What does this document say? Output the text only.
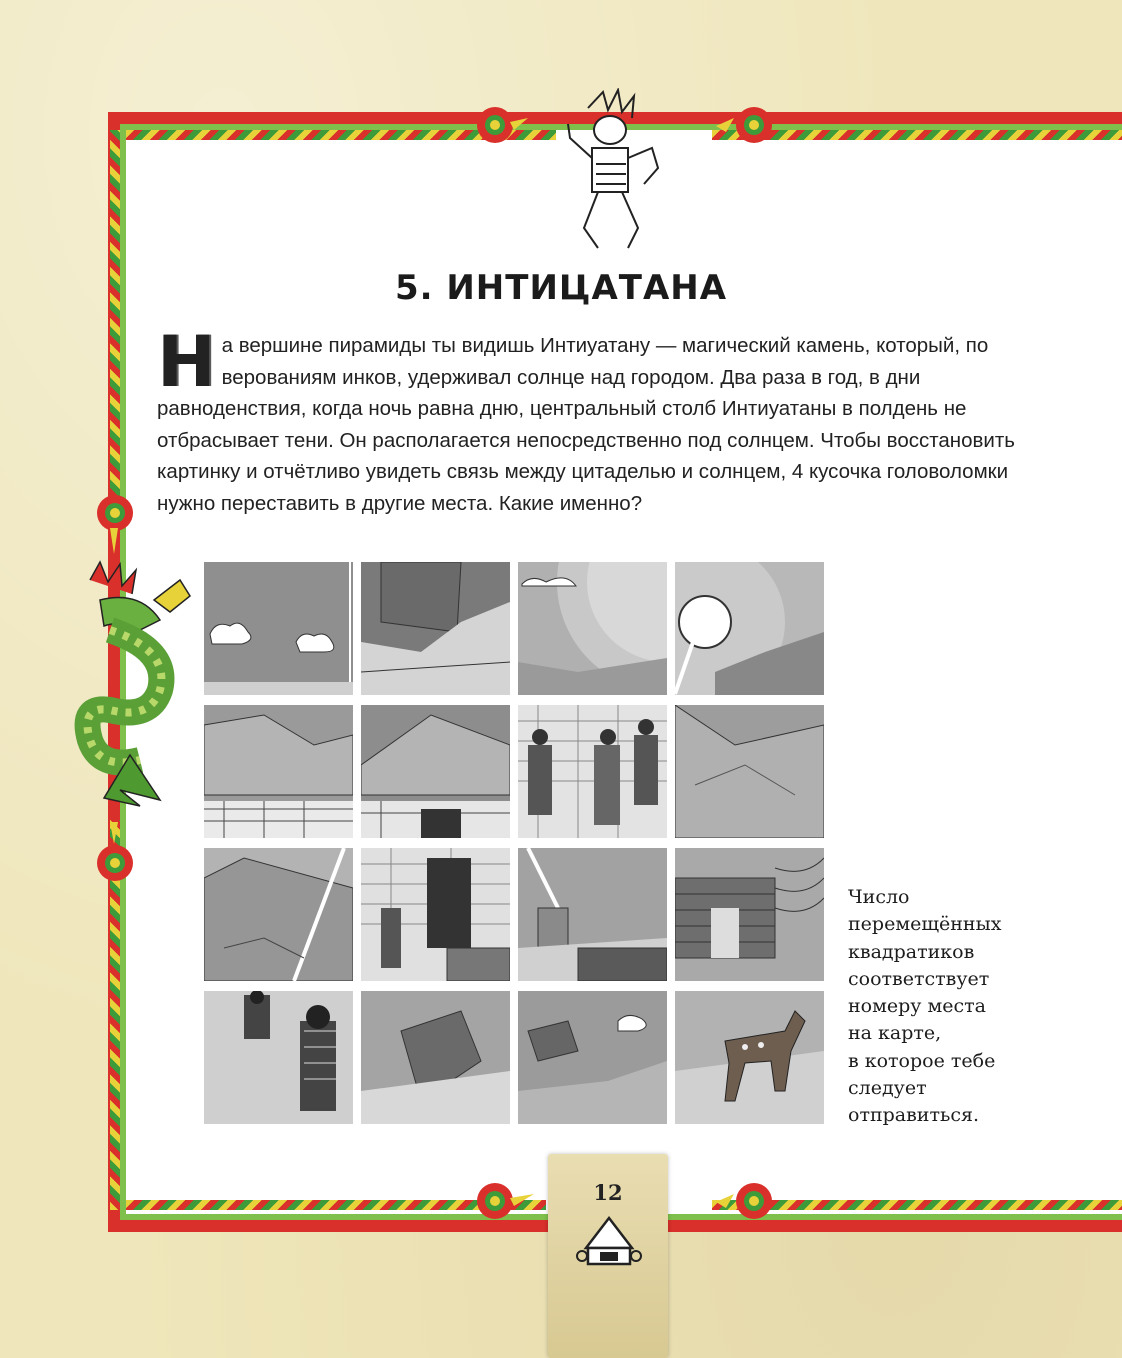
5. ИНТИЦАТАНА
Н а вершине пирамиды ты видишь Интиуатану — магический камень, который, по верованиям инков, удерживал солнце над городом. Два раза в год, в дни равноденствия, когда ночь равна дню, центральный столб Интиуатаны в полдень не отбрасывает тени. Он располагается непосредственно под солнцем. Чтобы восстановить картинку и отчётливо увидеть связь между цитаделью и солнцем, 4 кусочка головоломки нужно переставить в другие места. Какие именно?
Число
перемещённых
квадратиков
соответствует
номеру места
на карте,
в которое тебе
следует
отправиться.
12
